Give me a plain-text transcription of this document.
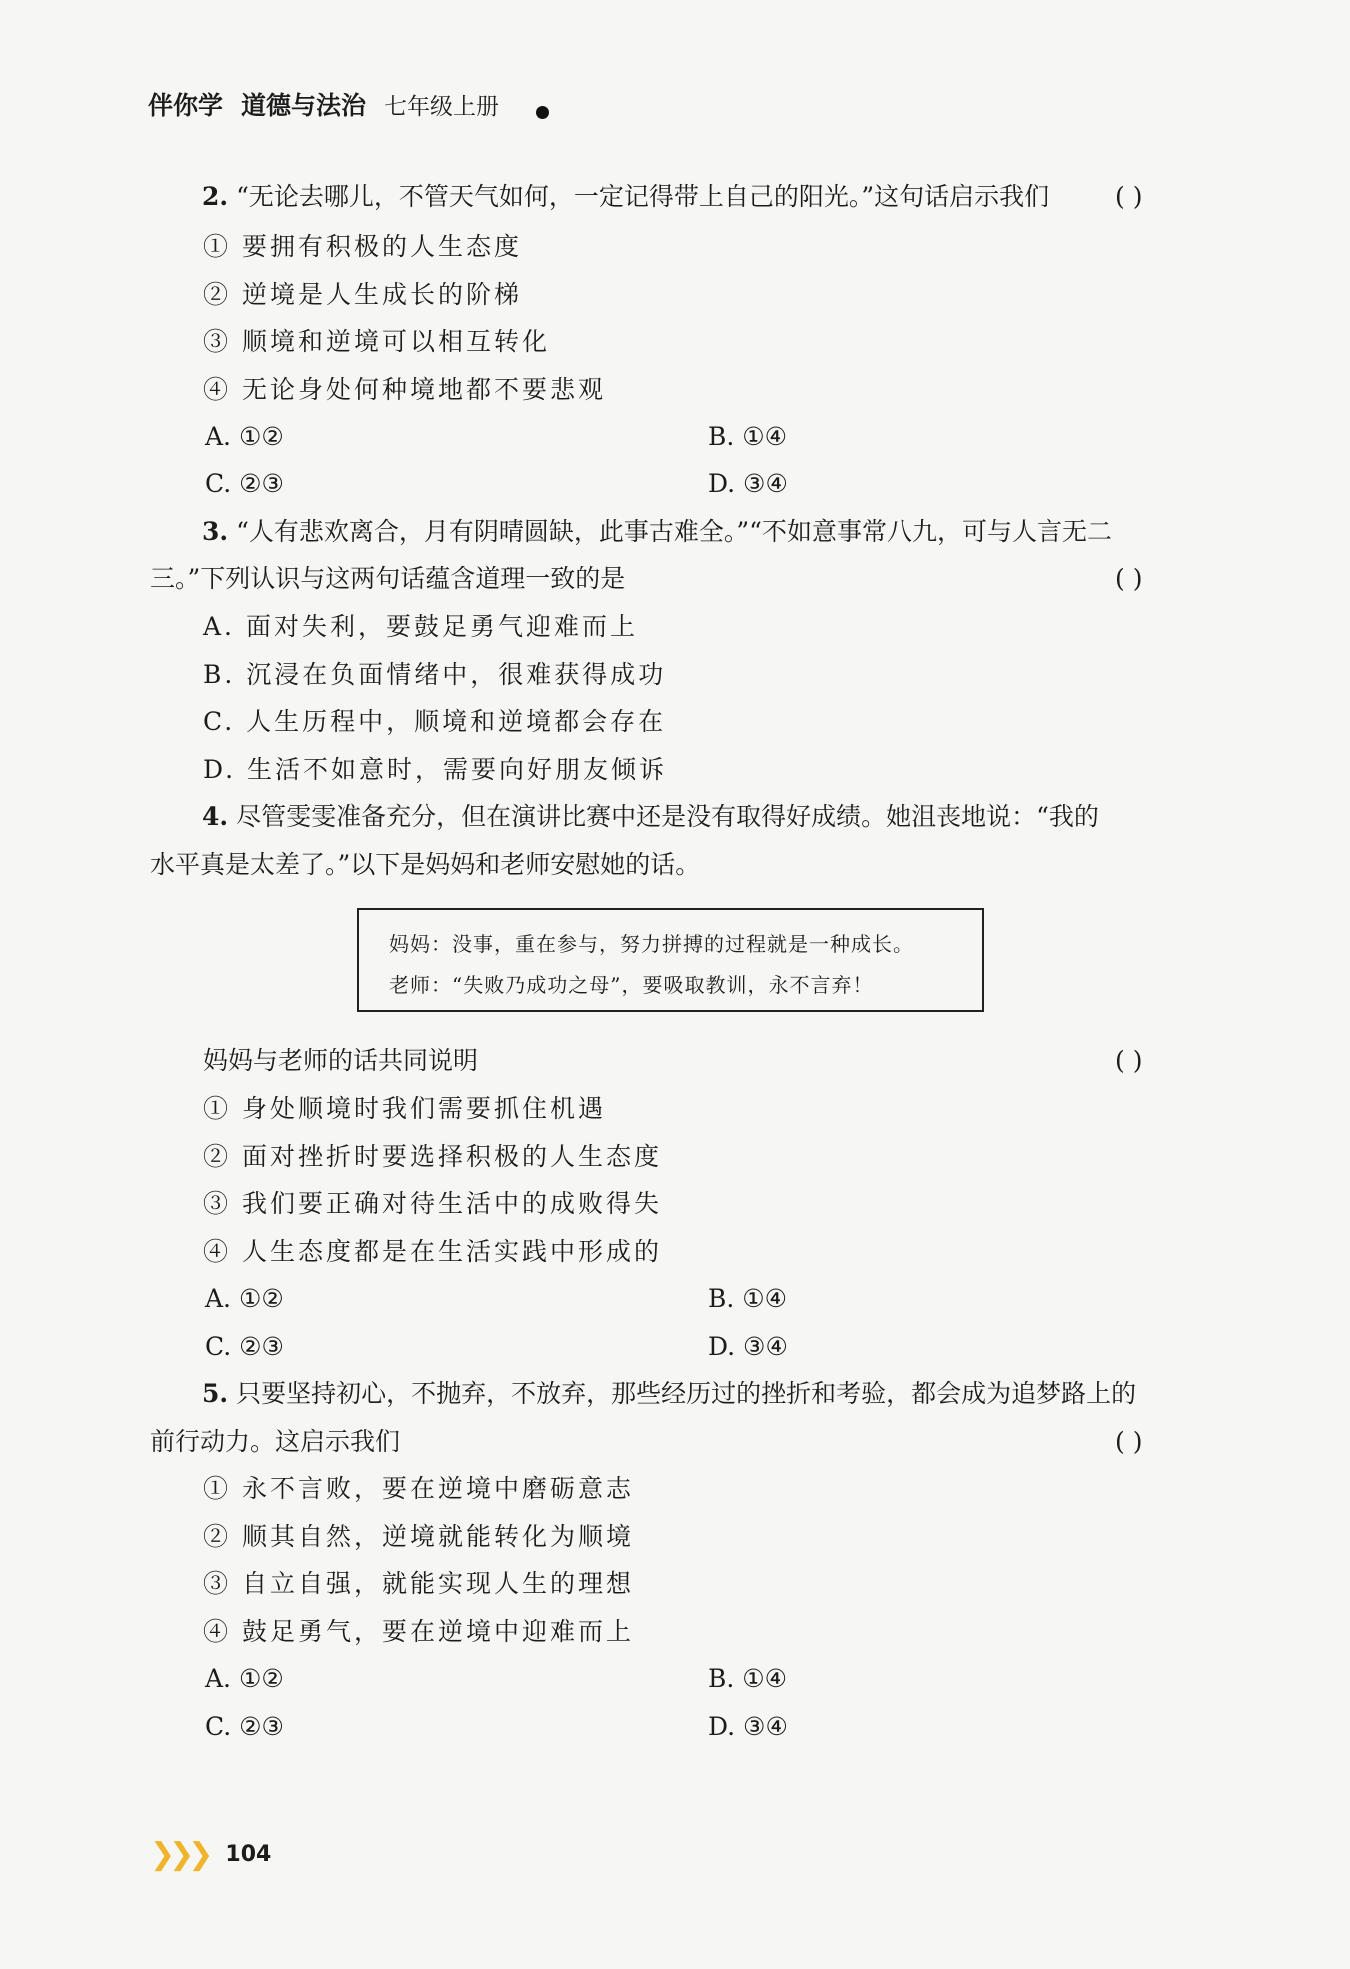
伴你学 道德与法治 七年级上册
2. “无论去哪儿，不管天气如何，一定记得带上自己的阳光。”这句话启示我们	( )
① 要拥有积极的人生态度
② 逆境是人生成长的阶梯
③ 顺境和逆境可以相互转化
④ 无论身处何种境地都不要悲观
A. ①②	B. ①④
C. ②③	D. ③④
3. “人有悲欢离合，月有阴晴圆缺，此事古难全。”“不如意事常八九，可与人言无二
三。”下列认识与这两句话蕴含道理一致的是	( )
A. 面对失利，要鼓足勇气迎难而上
B. 沉浸在负面情绪中，很难获得成功
C. 人生历程中，顺境和逆境都会存在
D. 生活不如意时，需要向好朋友倾诉
4. 尽管雯雯准备充分，但在演讲比赛中还是没有取得好成绩。她沮丧地说：“我的
水平真是太差了。”以下是妈妈和老师安慰她的话。
妈妈：没事，重在参与，努力拼搏的过程就是一种成长。
老师：“失败乃成功之母”，要吸取教训，永不言弃！
妈妈与老师的话共同说明	( )
① 身处顺境时我们需要抓住机遇
② 面对挫折时要选择积极的人生态度
③ 我们要正确对待生活中的成败得失
④ 人生态度都是在生活实践中形成的
A. ①②	B. ①④
C. ②③	D. ③④
5. 只要坚持初心，不抛弃，不放弃，那些经历过的挫折和考验，都会成为追梦路上的
前行动力。这启示我们	( )
① 永不言败，要在逆境中磨砺意志
② 顺其自然，逆境就能转化为顺境
③ 自立自强，就能实现人生的理想
④ 鼓足勇气，要在逆境中迎难而上
A. ①②	B. ①④
C. ②③	D. ③④
❯❯❯ 104
